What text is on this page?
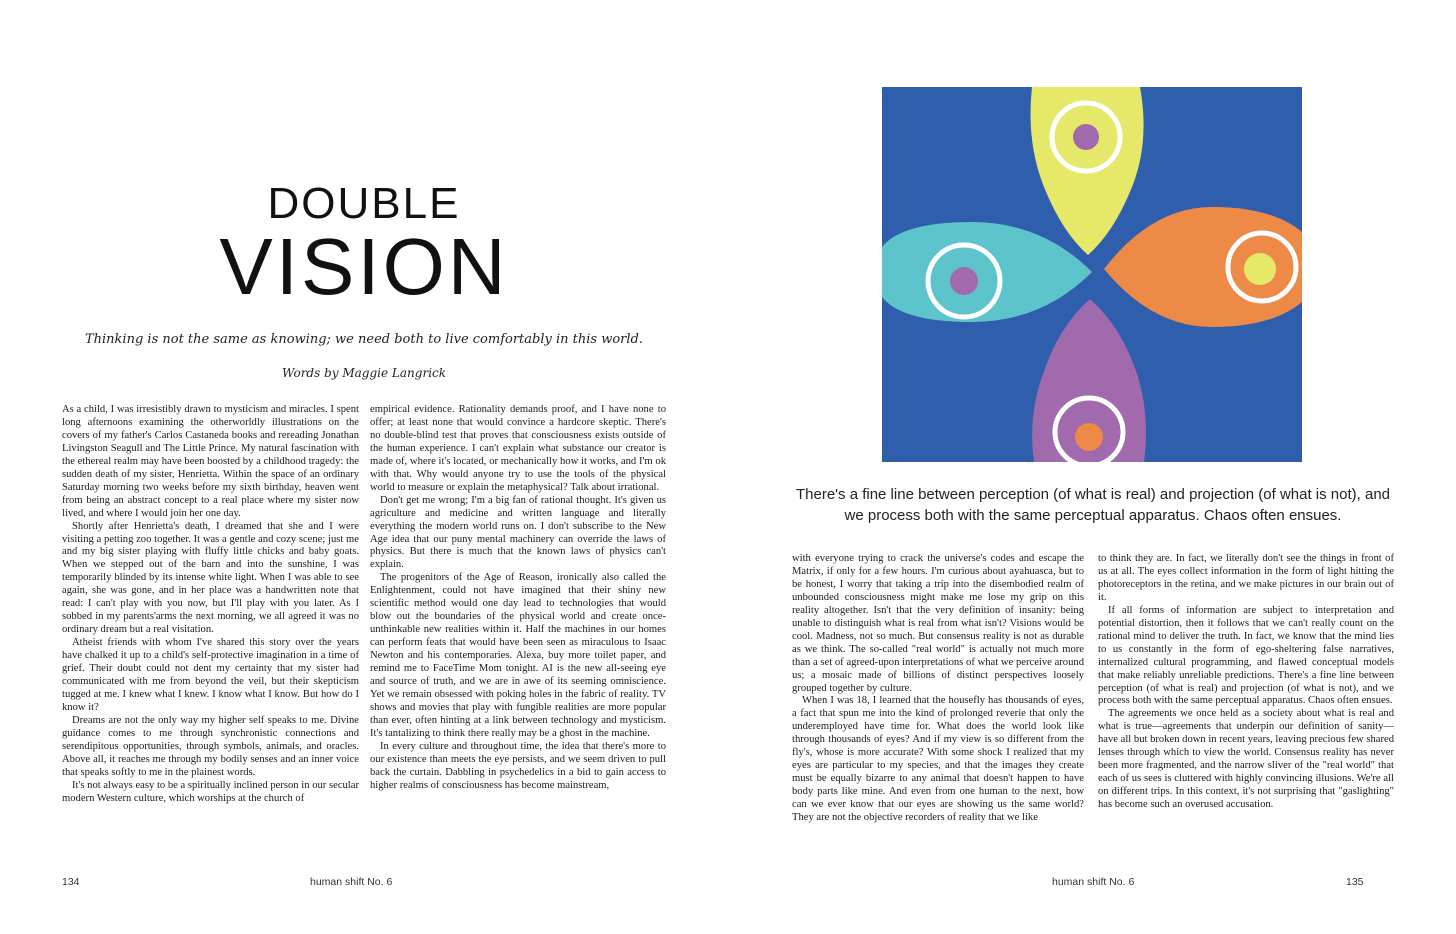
DOUBLE
VISION
Thinking is not the same as knowing; we need both to live comfortably in this world.
Words by Maggie Langrick

As a child, I was irresistibly drawn to mysticism and miracles. I spent long afternoons examining the otherworldly illustrations on the covers of my father's Carlos Castaneda books and rereading Jonathan Livingston Seagull and The Little Prince. My natural fascination with the ethereal realm may have been boosted by a childhood tragedy: the sudden death of my sister, Henrietta. Within the space of an ordinary Saturday morning two weeks before my sixth birthday, heaven went from being an abstract concept to a real place where my sister now lived, and where I would join her one day.

Shortly after Henrietta's death, I dreamed that she and I were visiting a petting zoo together. It was a gentle and cozy scene; just me and my big sister playing with fluffy little chicks and baby goats. When we stepped out of the barn and into the sunshine, I was temporarily blinded by its intense white light. When I was able to see again, she was gone, and in her place was a handwritten note that read: I can't play with you now, but I'll play with you later. As I sobbed in my parents'arms the next morning, we all agreed it was no ordinary dream but a real visitation.

Atheist friends with whom I've shared this story over the years have chalked it up to a child's self-protective imagination in a time of grief. Their doubt could not dent my certainty that my sister had communicated with me from beyond the veil, but their skepticism tugged at me. I knew what I knew. I know what I know. But how do I know it?

Dreams are not the only way my higher self speaks to me. Divine guidance comes to me through synchronistic connections and serendipitous opportunities, through symbols, animals, and oracles. Above all, it reaches me through my bodily senses and an inner voice that speaks softly to me in the plainest words.

It's not always easy to be a spiritually inclined person in our secular modern Western culture, which worships at the church of

empirical evidence. Rationality demands proof, and I have none to offer; at least none that would convince a hardcore skeptic. There's no double-blind test that proves that consciousness exists outside of the human experience. I can't explain what substance our creator is made of, where it's located, or mechanically how it works, and I'm ok with that. Why would anyone try to use the tools of the physical world to measure or explain the metaphysical? Talk about irrational.

Don't get me wrong; I'm a big fan of rational thought. It's given us agriculture and medicine and written language and literally everything the modern world runs on. I don't subscribe to the New Age idea that our puny mental machinery can override the laws of physics. But there is much that the known laws of physics can't explain.

The progenitors of the Age of Reason, ironically also called the Enlightenment, could not have imagined that their shiny new scientific method would one day lead to technologies that would blow out the boundaries of the physical world and create once-unthinkable new realities within it. Half the machines in our homes can perform feats that would have been seen as miraculous to Isaac Newton and his contemporaries. Alexa, buy more toilet paper, and remind me to FaceTime Mom tonight. AI is the new all-seeing eye and source of truth, and we are in awe of its seeming omniscience. Yet we remain obsessed with poking holes in the fabric of reality. TV shows and movies that play with fungible realities are more popular than ever, often hinting at a link between technology and mysticism. It's tantalizing to think there really may be a ghost in the machine.

In every culture and throughout time, the idea that there's more to our existence than meets the eye persists, and we seem driven to pull back the curtain. Dabbling in psychedelics in a bid to gain access to higher realms of consciousness has become mainstream,

134	human shift No. 6
There's a fine line between perception (of what is real) and projection (of what is not), and we process both with the same perceptual apparatus. Chaos often ensues.

with everyone trying to crack the universe's codes and escape the Matrix, if only for a few hours. I'm curious about ayahuasca, but to be honest, I worry that taking a trip into the disembodied realm of unbounded consciousness might make me lose my grip on this reality altogether. Isn't that the very definition of insanity: being unable to distinguish what is real from what isn't? Visions would be cool. Madness, not so much. But consensus reality is not as durable as we think. The so-called "real world" is actually not much more than a set of agreed-upon interpretations of what we perceive around us; a mosaic made of billions of distinct perspectives loosely grouped together by culture.

When I was 18, I learned that the housefly has thousands of eyes, a fact that spun me into the kind of prolonged reverie that only the underemployed have time for. What does the world look like through thousands of eyes? And if my view is so different from the fly's, whose is more accurate? With some shock I realized that my eyes are particular to my species, and that the images they create must be equally bizarre to any animal that doesn't happen to have body parts like mine. And even from one human to the next, how can we ever know that our eyes are showing us the same world? They are not the objective recorders of reality that we like

to think they are. In fact, we literally don't see the things in front of us at all. The eyes collect information in the form of light hitting the photoreceptors in the retina, and we make pictures in our brain out of it.

If all forms of information are subject to interpretation and potential distortion, then it follows that we can't really count on the rational mind to deliver the truth. In fact, we know that the mind lies to us constantly in the form of ego-sheltering false narratives, internalized cultural programming, and flawed conceptual models that make reliably unreliable predictions. There's a fine line between perception (of what is real) and projection (of what is not), and we process both with the same perceptual apparatus. Chaos often ensues.

The agreements we once held as a society about what is real and what is true—agreements that underpin our definition of sanity—have all but broken down in recent years, leaving precious few shared lenses through which to view the world. Consensus reality has never been more fragmented, and the narrow sliver of the "real world" that each of us sees is cluttered with highly convincing illusions. We're all on different trips. In this context, it's not surprising that "gaslighting" has become such an overused accusation.

human shift No. 6	135
